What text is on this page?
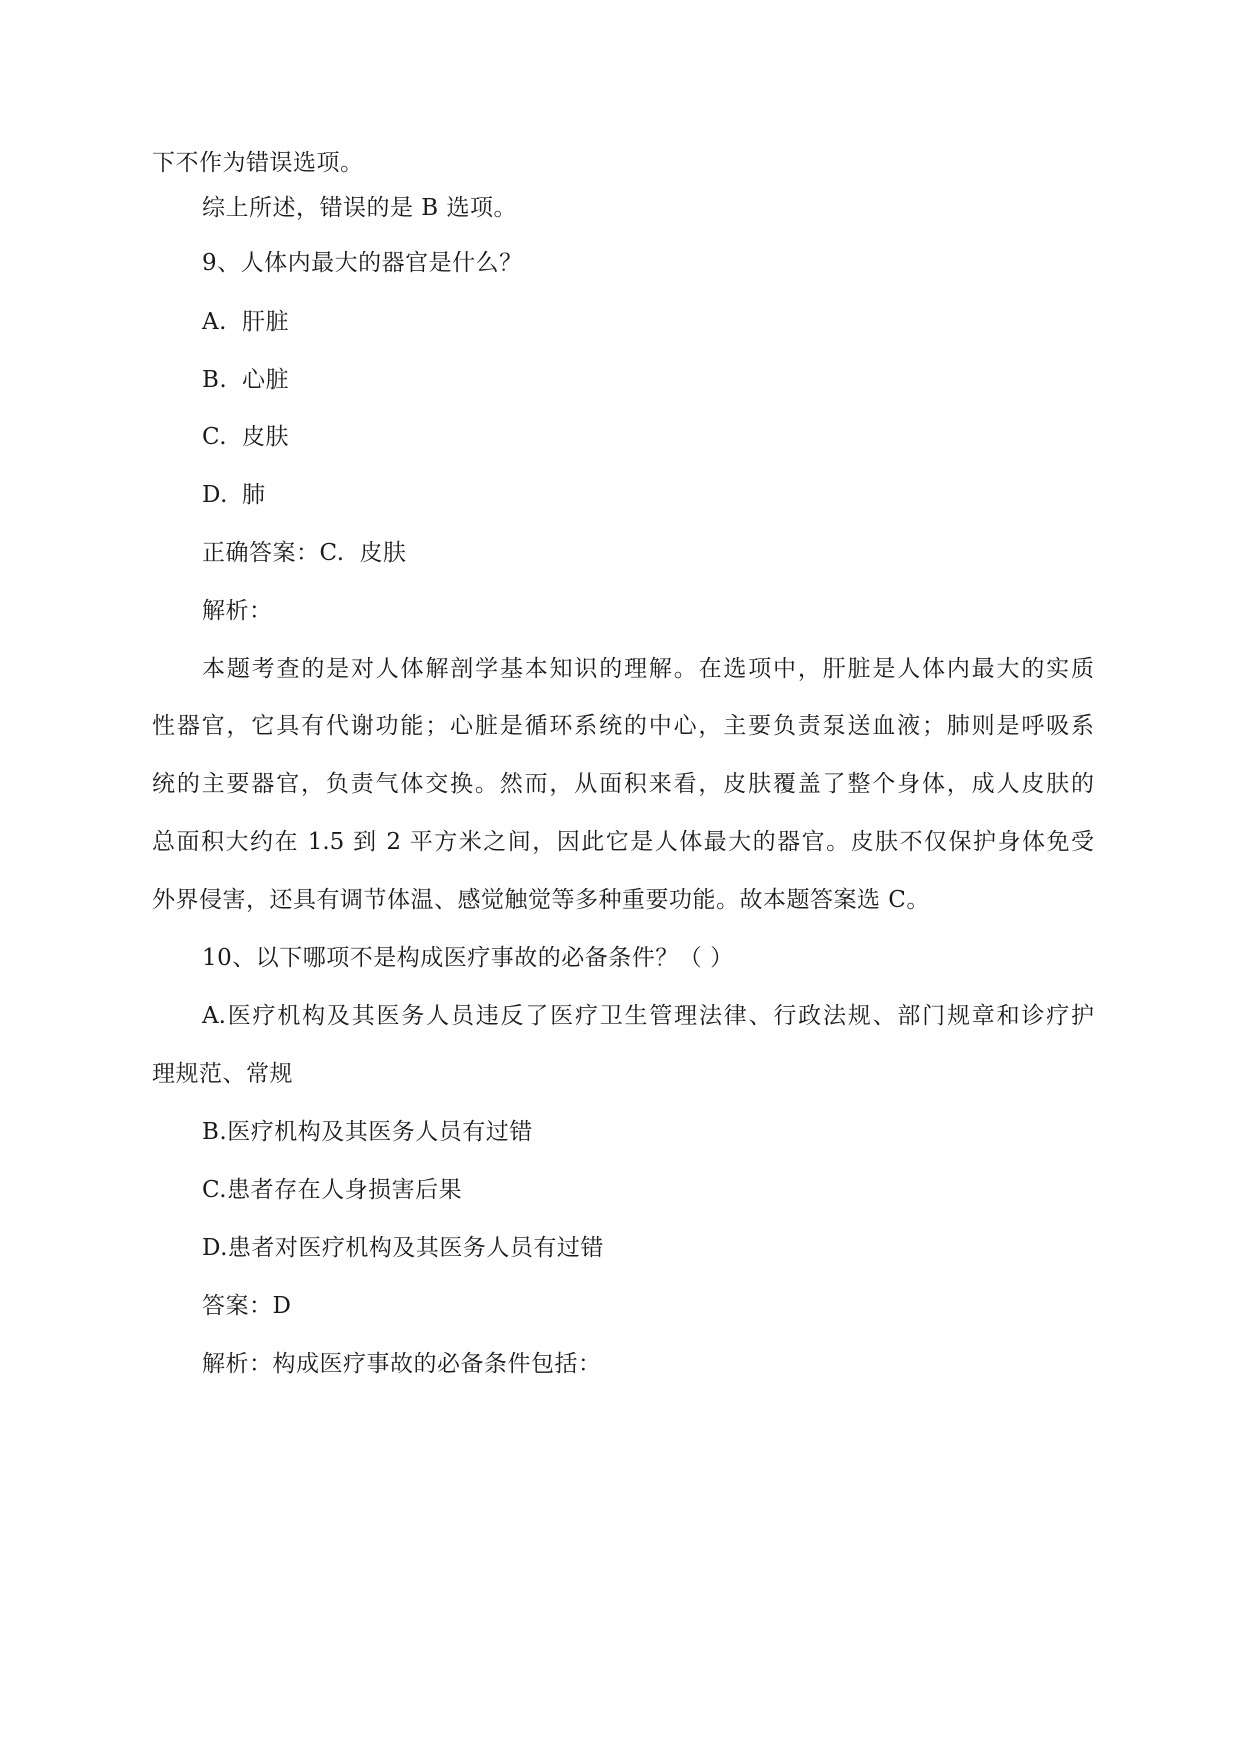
下不作为错误选项。
综上所述，错误的是 B 选项。
9、人体内最大的器官是什么？
A. 肝脏
B. 心脏
C. 皮肤
D. 肺
正确答案：C. 皮肤
解析：
本题考查的是对人体解剖学基本知识的理解。在选项中，肝脏是人体内最大的实质
性器官，它具有代谢功能；心脏是循环系统的中心，主要负责泵送血液；肺则是呼吸系
统的主要器官，负责气体交换。然而，从面积来看，皮肤覆盖了整个身体，成人皮肤的
总面积大约在 1.5 到 2 平方米之间，因此它是人体最大的器官。皮肤不仅保护身体免受
外界侵害，还具有调节体温、感觉触觉等多种重要功能。故本题答案选 C。
10、以下哪项不是构成医疗事故的必备条件？（ ）
A.医疗机构及其医务人员违反了医疗卫生管理法律、行政法规、部门规章和诊疗护
理规范、常规
B.医疗机构及其医务人员有过错
C.患者存在人身损害后果
D.患者对医疗机构及其医务人员有过错
答案：D
解析：构成医疗事故的必备条件包括：
